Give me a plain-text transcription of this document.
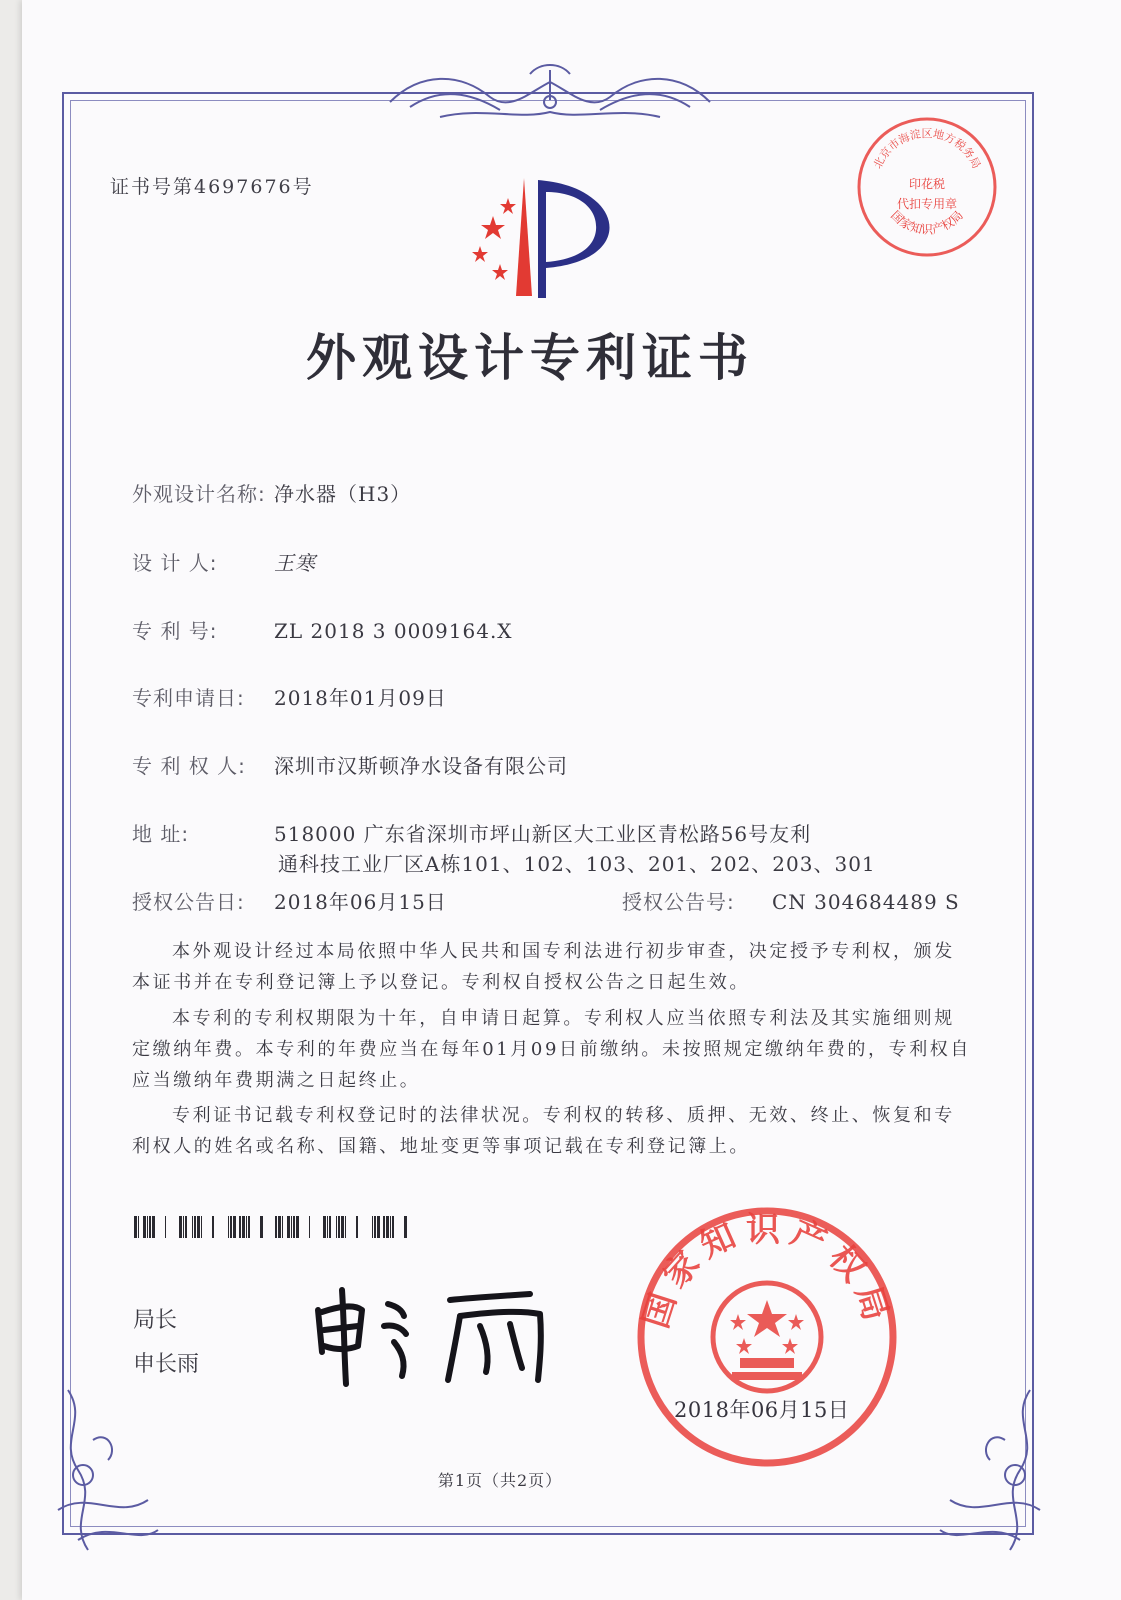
证书号第4697676号
外观设计专利证书
外观设计名称: 净水器（H3）
设 计 人:	王寒
专 利 号:	ZL 2018 3 0009164.X
专利申请日: 2018年01月09日
专 利 权 人: 深圳市汉斯顿净水设备有限公司
地 址:	518000 广东省深圳市坪山新区大工业区青松路56号友利
通科技工业厂区A栋101、102、103、201、202、203、301
授权公告日: 2018年06月15日	授权公告号: CN 304684489 S
本外观设计经过本局依照中华人民共和国专利法进行初步审查，决定授予专利权，颁发本证书并在专利登记簿上予以登记。专利权自授权公告之日起生效。
本专利的专利权期限为十年，自申请日起算。专利权人应当依照专利法及其实施细则规定缴纳年费。本专利的年费应当在每年01月09日前缴纳。未按照规定缴纳年费的，专利权自应当缴纳年费期满之日起终止。
专利证书记载专利权登记时的法律状况。专利权的转移、质押、无效、终止、恢复和专利权人的姓名或名称、国籍、地址变更等事项记载在专利登记簿上。
局长
申长雨
北京市海淀区地方税务局
印花税
代扣专用章
国家知识产权局
国家知识产权局
2018年06月15日
第1页（共2页）
